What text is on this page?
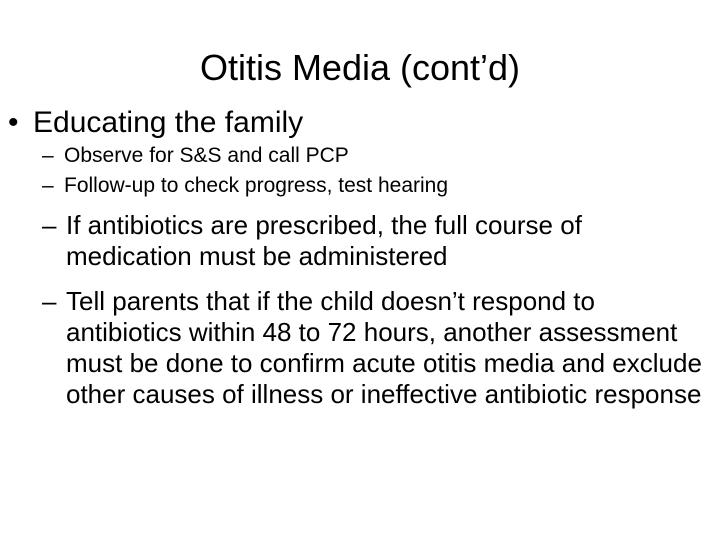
Otitis Media (cont’d)
• Educating the family
– Observe for S&S and call PCP
– Follow-up to check progress, test hearing
– If antibiotics are prescribed, the full course of medication must be administered
– Tell parents that if the child doesn’t respond to antibiotics within 48 to 72 hours, another assessment must be done to confirm acute otitis media and exclude other causes of illness or ineffective antibiotic response
